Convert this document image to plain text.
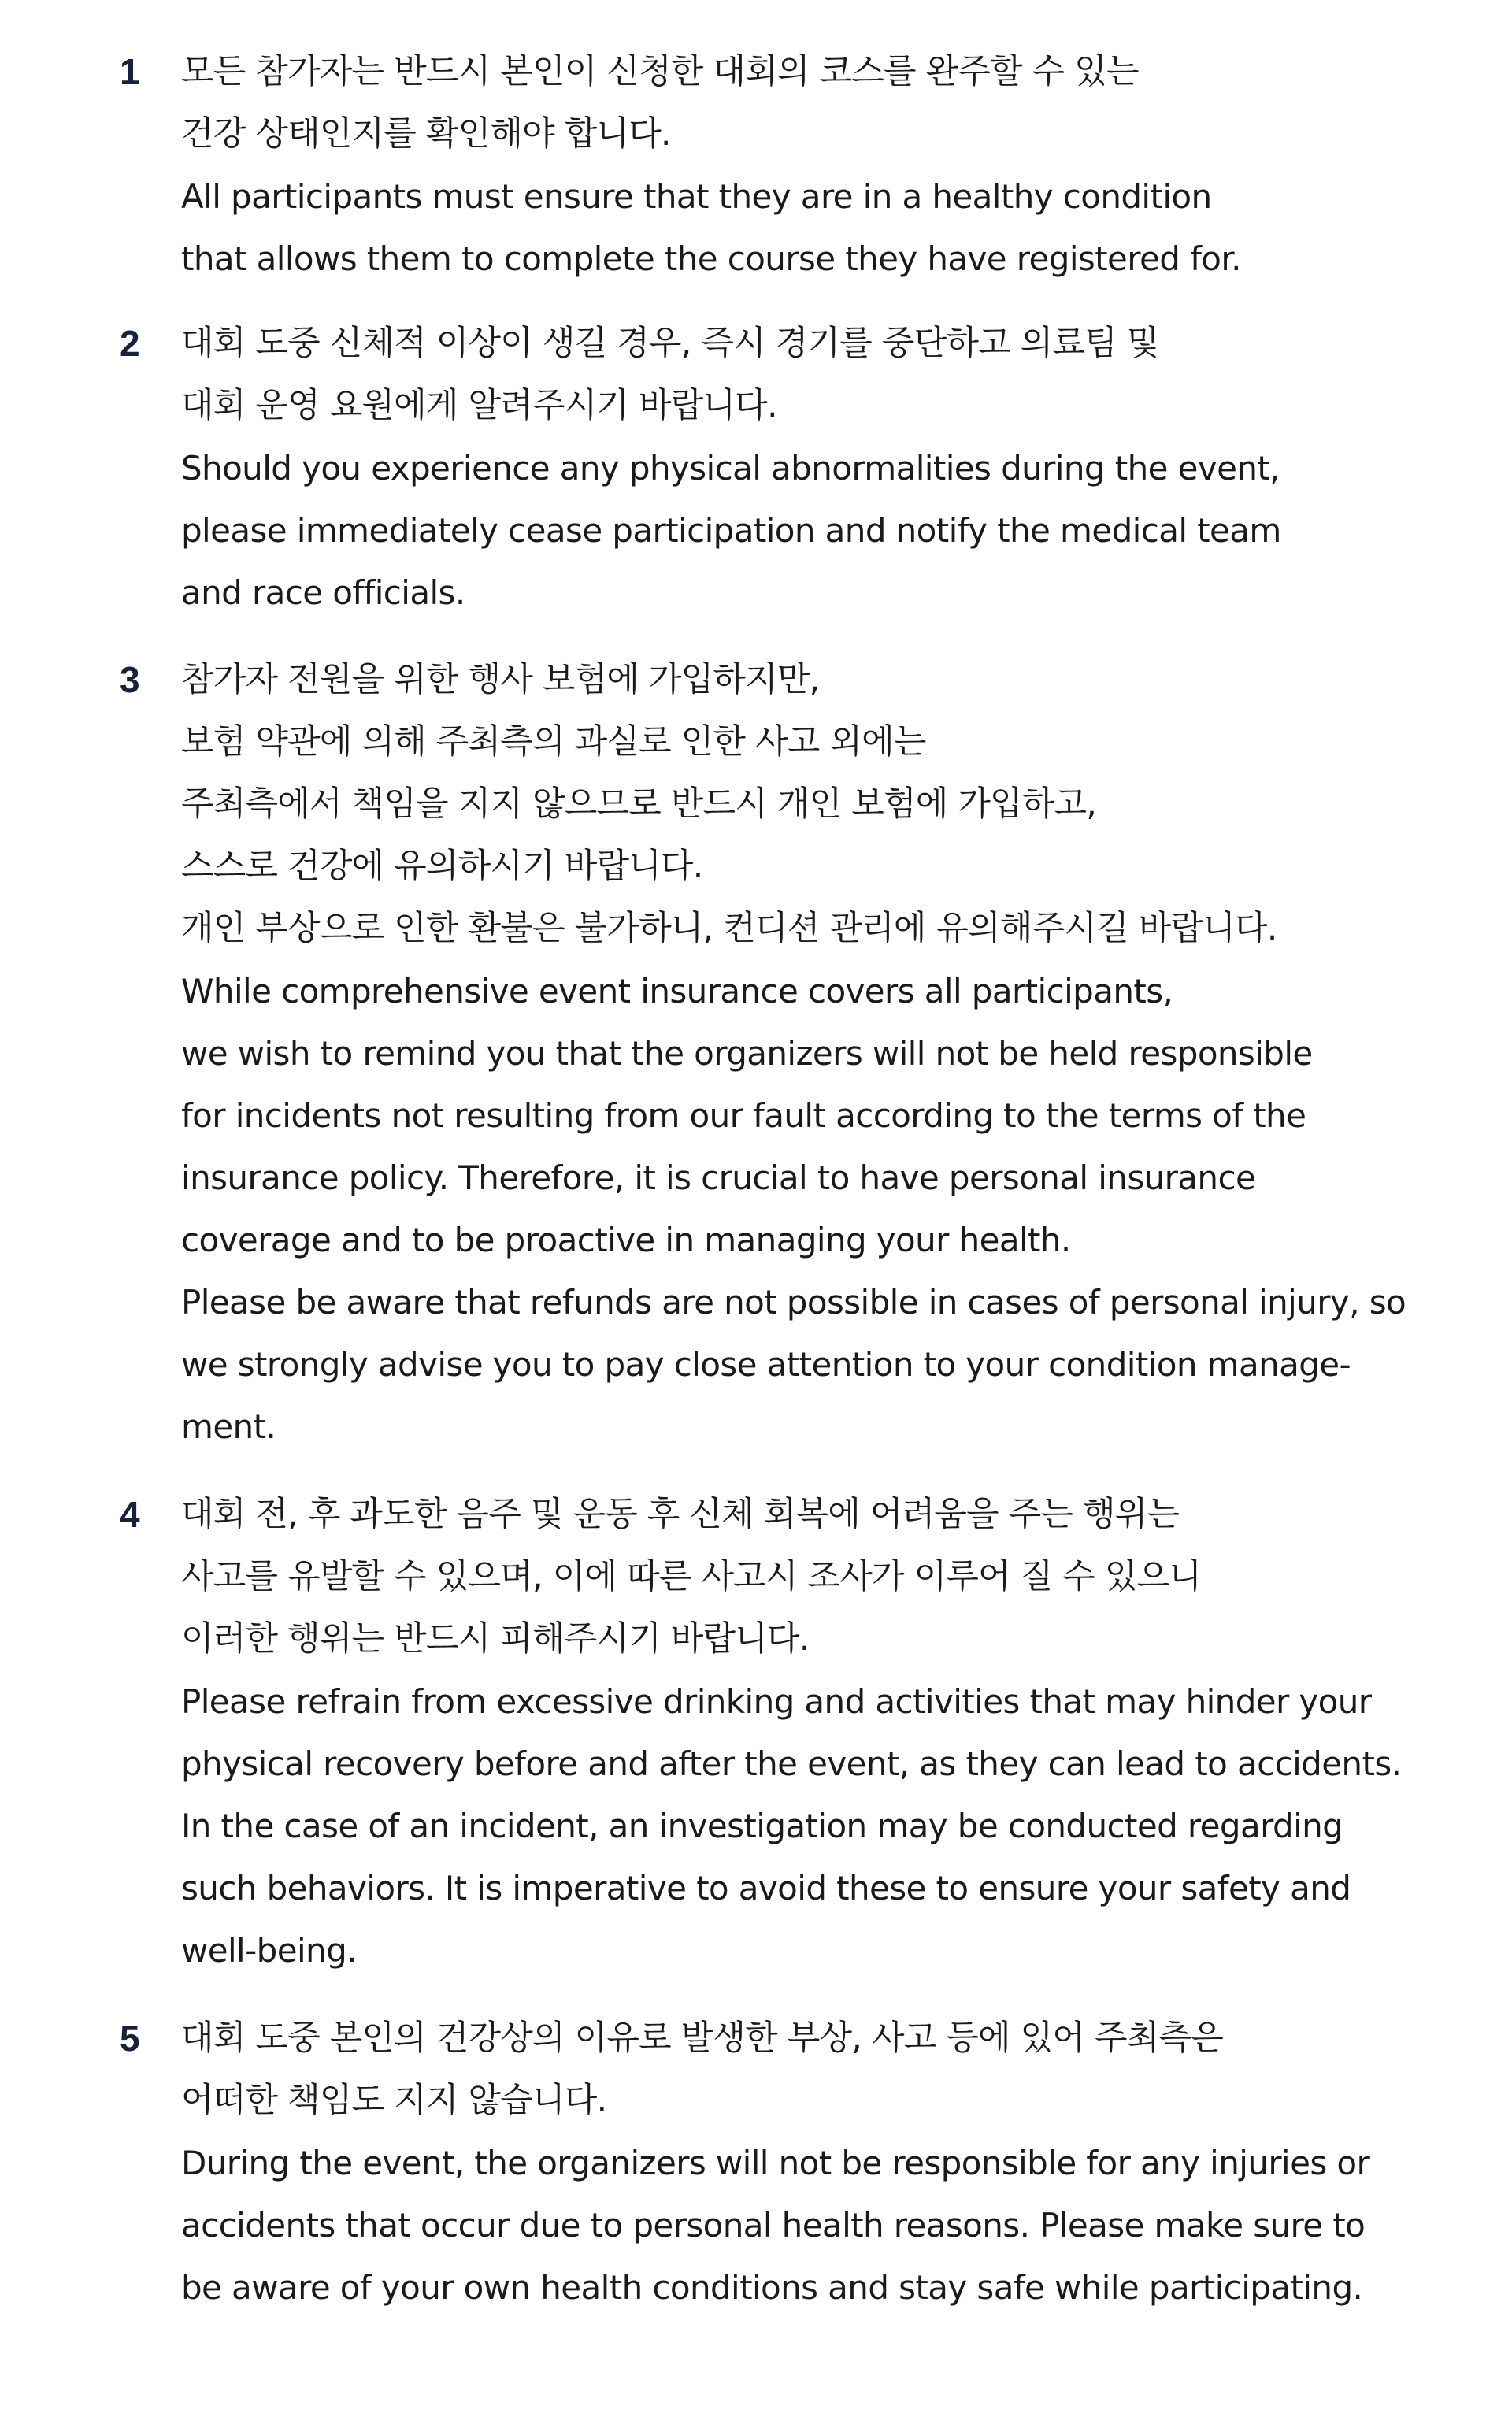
1	모든 참가자는 반드시 본인이 신청한 대회의 코스를 완주할 수 있는
건강 상태인지를 확인해야 합니다.
All participants must ensure that they are in a healthy condition
that allows them to complete the course they have registered for.
2	대회 도중 신체적 이상이 생길 경우, 즉시 경기를 중단하고 의료팀 및
대회 운영 요원에게 알려주시기 바랍니다.
Should you experience any physical abnormalities during the event,
please immediately cease participation and notify the medical team
and race officials.
3	참가자 전원을 위한 행사 보험에 가입하지만,
보험 약관에 의해 주최측의 과실로 인한 사고 외에는
주최측에서 책임을 지지 않으므로 반드시 개인 보험에 가입하고,
스스로 건강에 유의하시기 바랍니다.
개인 부상으로 인한 환불은 불가하니, 컨디션 관리에 유의해주시길 바랍니다.
While comprehensive event insurance covers all participants,
we wish to remind you that the organizers will not be held responsible
for incidents not resulting from our fault according to the terms of the
insurance policy. Therefore, it is crucial to have personal insurance
coverage and to be proactive in managing your health.
Please be aware that refunds are not possible in cases of personal injury, so
we strongly advise you to pay close attention to your condition manage-
ment.
4	대회 전, 후 과도한 음주 및 운동 후 신체 회복에 어려움을 주는 행위는
사고를 유발할 수 있으며, 이에 따른 사고시 조사가 이루어 질 수 있으니
이러한 행위는 반드시 피해주시기 바랍니다.
Please refrain from excessive drinking and activities that may hinder your
physical recovery before and after the event, as they can lead to accidents.
In the case of an incident, an investigation may be conducted regarding
such behaviors. It is imperative to avoid these to ensure your safety and
well-being.
5	대회 도중 본인의 건강상의 이유로 발생한 부상, 사고 등에 있어 주최측은
어떠한 책임도 지지 않습니다.
During the event, the organizers will not be responsible for any injuries or
accidents that occur due to personal health reasons. Please make sure to
be aware of your own health conditions and stay safe while participating.
